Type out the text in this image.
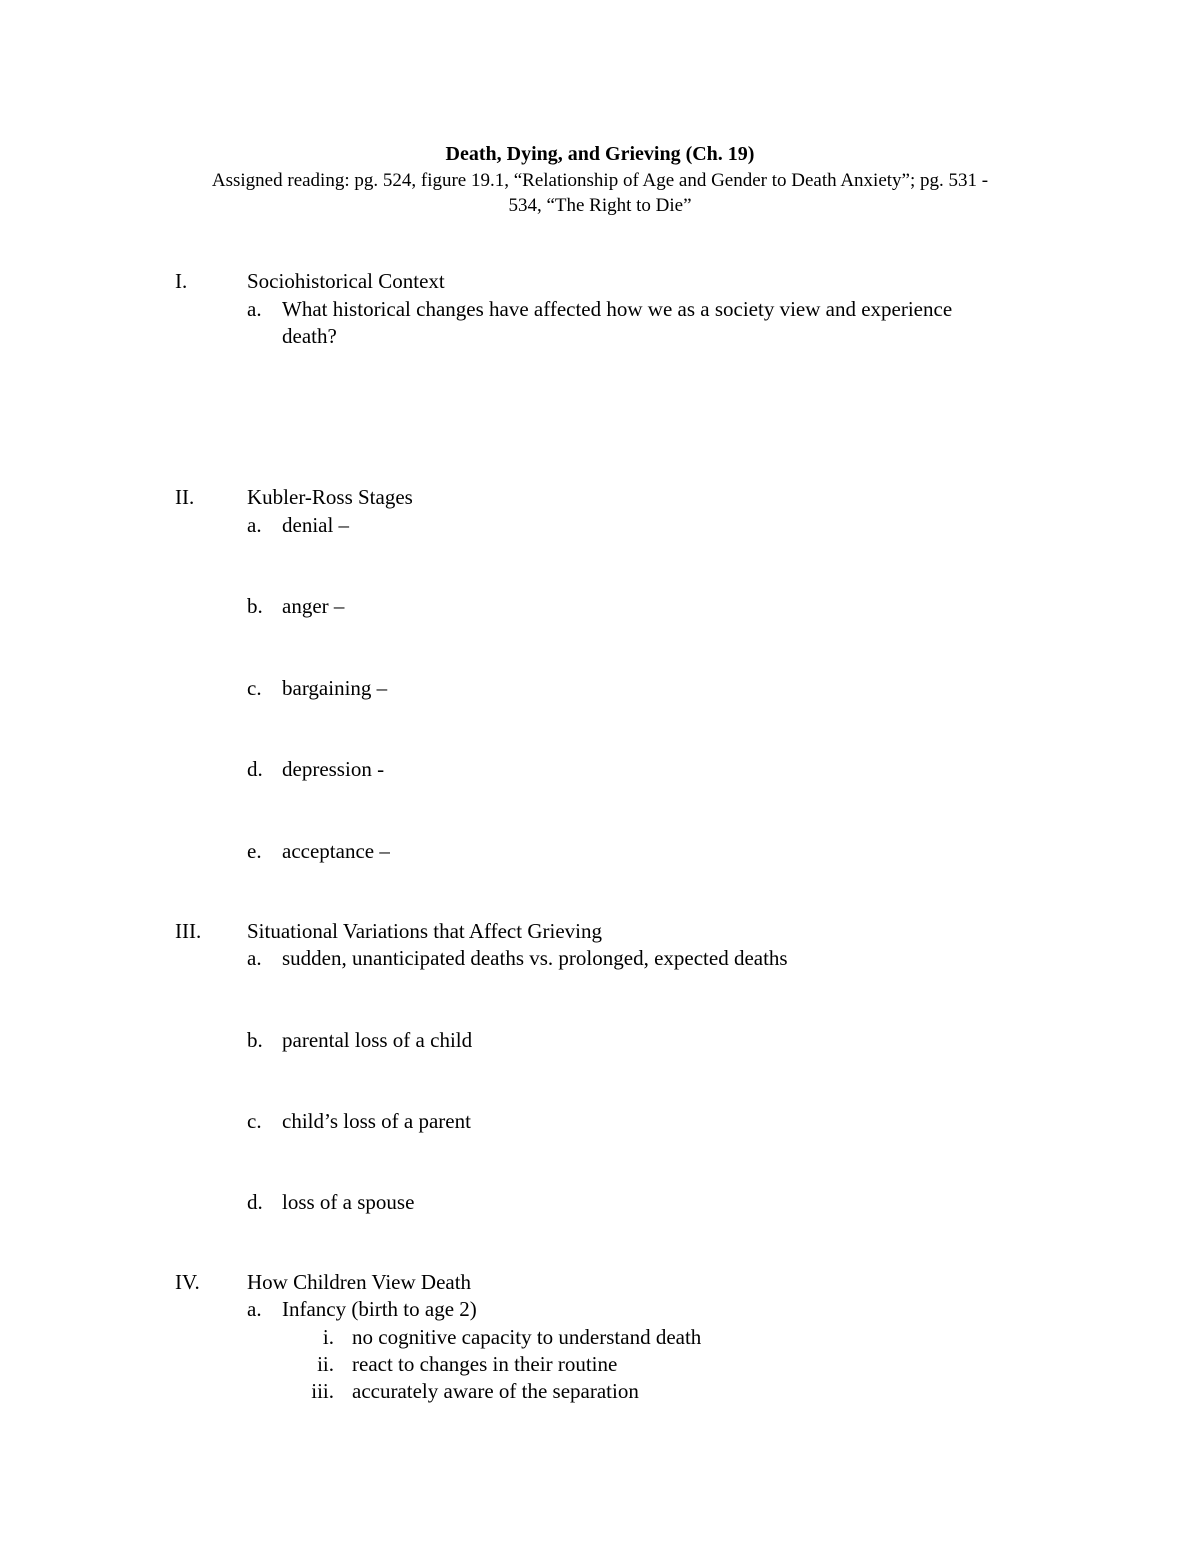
Death, Dying, and Grieving (Ch. 19)
Assigned reading: pg. 524, figure 19.1, “Relationship of Age and Gender to Death Anxiety”; pg. 531 -
534, “The Right to Die”
I.	Sociohistorical Context
a. What historical changes have affected how we as a society view and experience
death?
II.	Kubler-Ross Stages
a. denial –
b. anger –
c. bargaining –
d. depression -
e. acceptance –
III. Situational Variations that Affect Grieving
a. sudden, unanticipated deaths vs. prolonged, expected deaths
b. parental loss of a child
c. child’s loss of a parent
d. loss of a spouse
IV. How Children View Death
a. Infancy (birth to age 2)
i. no cognitive capacity to understand death
ii. react to changes in their routine
iii. accurately aware of the separation
